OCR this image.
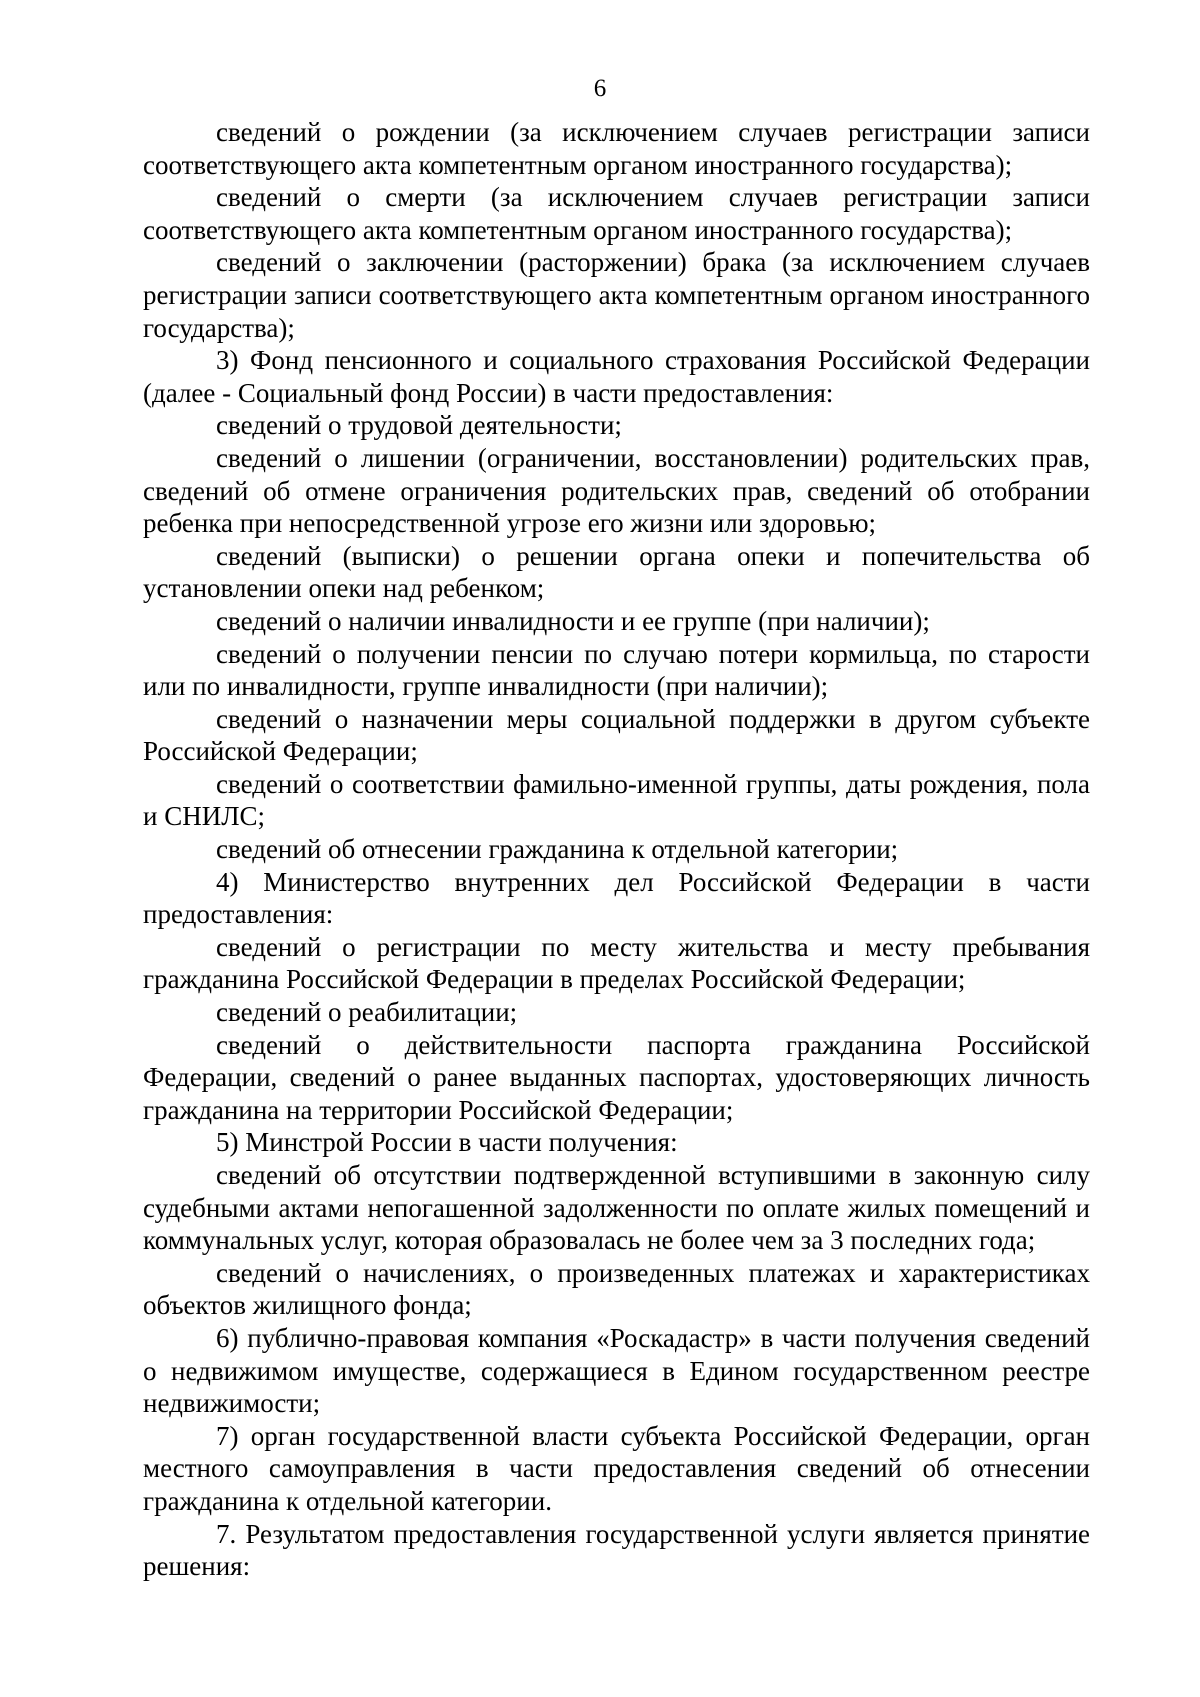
6

сведений о рождении (за исключением случаев регистрации записи соответствующего акта компетентным органом иностранного государства);

сведений о смерти (за исключением случаев регистрации записи соответствующего акта компетентным органом иностранного государства);

сведений о заключении (расторжении) брака (за исключением случаев регистрации записи соответствующего акта компетентным органом иностранного государства);

3) Фонд пенсионного и социального страхования Российской Федерации (далее - Социальный фонд России) в части предоставления:

сведений о трудовой деятельности;

сведений о лишении (ограничении, восстановлении) родительских прав, сведений об отмене ограничения родительских прав, сведений об отобрании ребенка при непосредственной угрозе его жизни или здоровью;

сведений (выписки) о решении органа опеки и попечительства об установлении опеки над ребенком;

сведений о наличии инвалидности и ее группе (при наличии);

сведений о получении пенсии по случаю потери кормильца, по старости или по инвалидности, группе инвалидности (при наличии);

сведений о назначении меры социальной поддержки в другом субъекте Российской Федерации;

сведений о соответствии фамильно-именной группы, даты рождения, пола и СНИЛС;

сведений об отнесении гражданина к отдельной категории;

4) Министерство внутренних дел Российской Федерации в части предоставления:

сведений о регистрации по месту жительства и месту пребывания гражданина Российской Федерации в пределах Российской Федерации;

сведений о реабилитации;

сведений о действительности паспорта гражданина Российской Федерации, сведений о ранее выданных паспортах, удостоверяющих личность гражданина на территории Российской Федерации;

5) Минстрой России в части получения:

сведений об отсутствии подтвержденной вступившими в законную силу судебными актами непогашенной задолженности по оплате жилых помещений и коммунальных услуг, которая образовалась не более чем за 3 последних года;

сведений о начислениях, о произведенных платежах и характеристиках объектов жилищного фонда;

6) публично-правовая компания «Роскадастр» в части получения сведений о недвижимом имуществе, содержащиеся в Едином государственном реестре недвижимости;

7) орган государственной власти субъекта Российской Федерации, орган местного самоуправления в части предоставления сведений об отнесении гражданина к отдельной категории.

7. Результатом предоставления государственной услуги является принятие решения:
